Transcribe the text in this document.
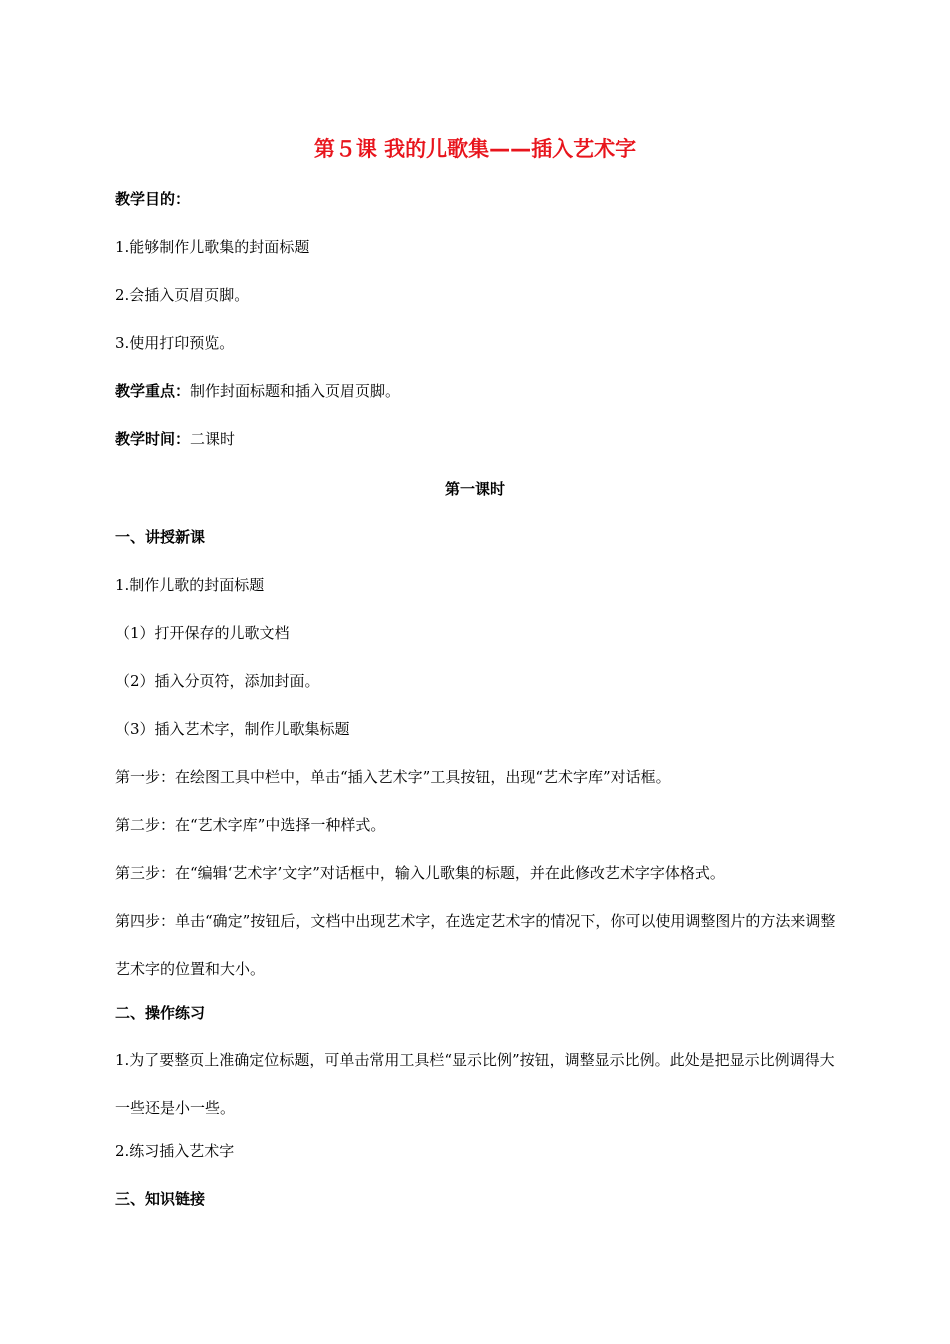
第５课 我的儿歌集——插入艺术字
教学目的：
1.能够制作儿歌集的封面标题
2.会插入页眉页脚。
3.使用打印预览。
教学重点：制作封面标题和插入页眉页脚。
教学时间：二课时
第一课时
一、讲授新课
1.制作儿歌的封面标题
（1）打开保存的儿歌文档
（2）插入分页符，添加封面。
（3）插入艺术字，制作儿歌集标题
第一步：在绘图工具中栏中，单击“插入艺术字”工具按钮，出现“艺术字库”对话框。
第二步：在“艺术字库”中选择一种样式。
第三步：在“编辑‘艺术字’文字”对话框中，输入儿歌集的标题，并在此修改艺术字字体格式。
第四步：单击“确定”按钮后，文档中出现艺术字，在选定艺术字的情况下，你可以使用调整图片的方法来调整艺术字的位置和大小。
二、操作练习
1.为了要整页上准确定位标题，可单击常用工具栏“显示比例”按钮，调整显示比例。此处是把显示比例调得大一些还是小一些。
2.练习插入艺术字
三、知识链接
